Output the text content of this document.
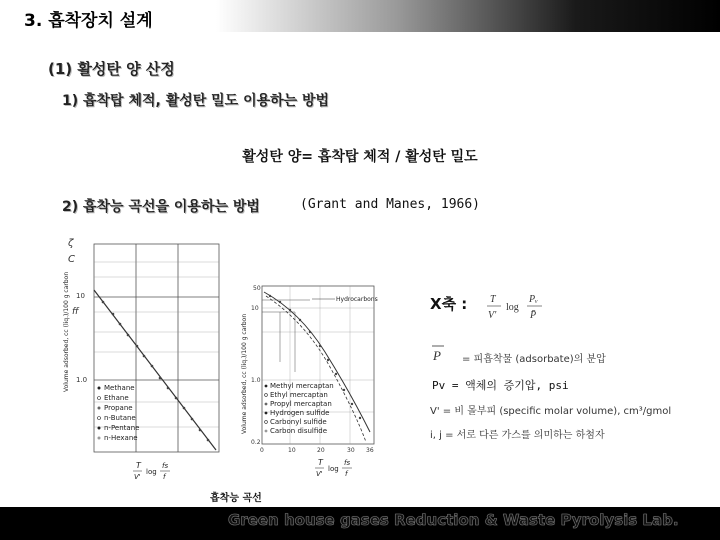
3. 흡착장치 설계
(1) 활성탄 양 산정
1) 흡착탑 체적, 활성탄 밀도 이용하는 방법
활성탄 양= 흡착탑 체적 / 활성탄 밀도
2) 흡착능 곡선을 이용하는 방법	(Grant and Manes, 1966)
Volume adsorbed, cc (liq.)/100 g carbon
ζ
C
10
ff
1.0
Methane
Ethane
Propane
n-Butane
n-Pentane
n-Hexane
T
V'
log
fs
f
Volume adsorbed, cc (liq.)/100 g carbon
50
10
1.0
0.2
Hydrocarbons
Methyl mercaptan
Ethyl mercaptan
Propyl mercaptan
Hydrogen sulfide
Carbonyl sulfide
Carbon disulfide
0	10	20	30 36
T
V'
log
fs
f
X축 : T
V'
log
Pᵥ
P̄
P = 피흡착물 (adsorbate)의 분압
Pv = 액체의 증기압, psi
V' = 비 몰부피 (specific molar volume), cm³/gmol
i, j = 서로 다른 가스를 의미하는 하첨자
흡착능 곡선
Green house gases Reduction & Waste Pyrolysis Lab.
